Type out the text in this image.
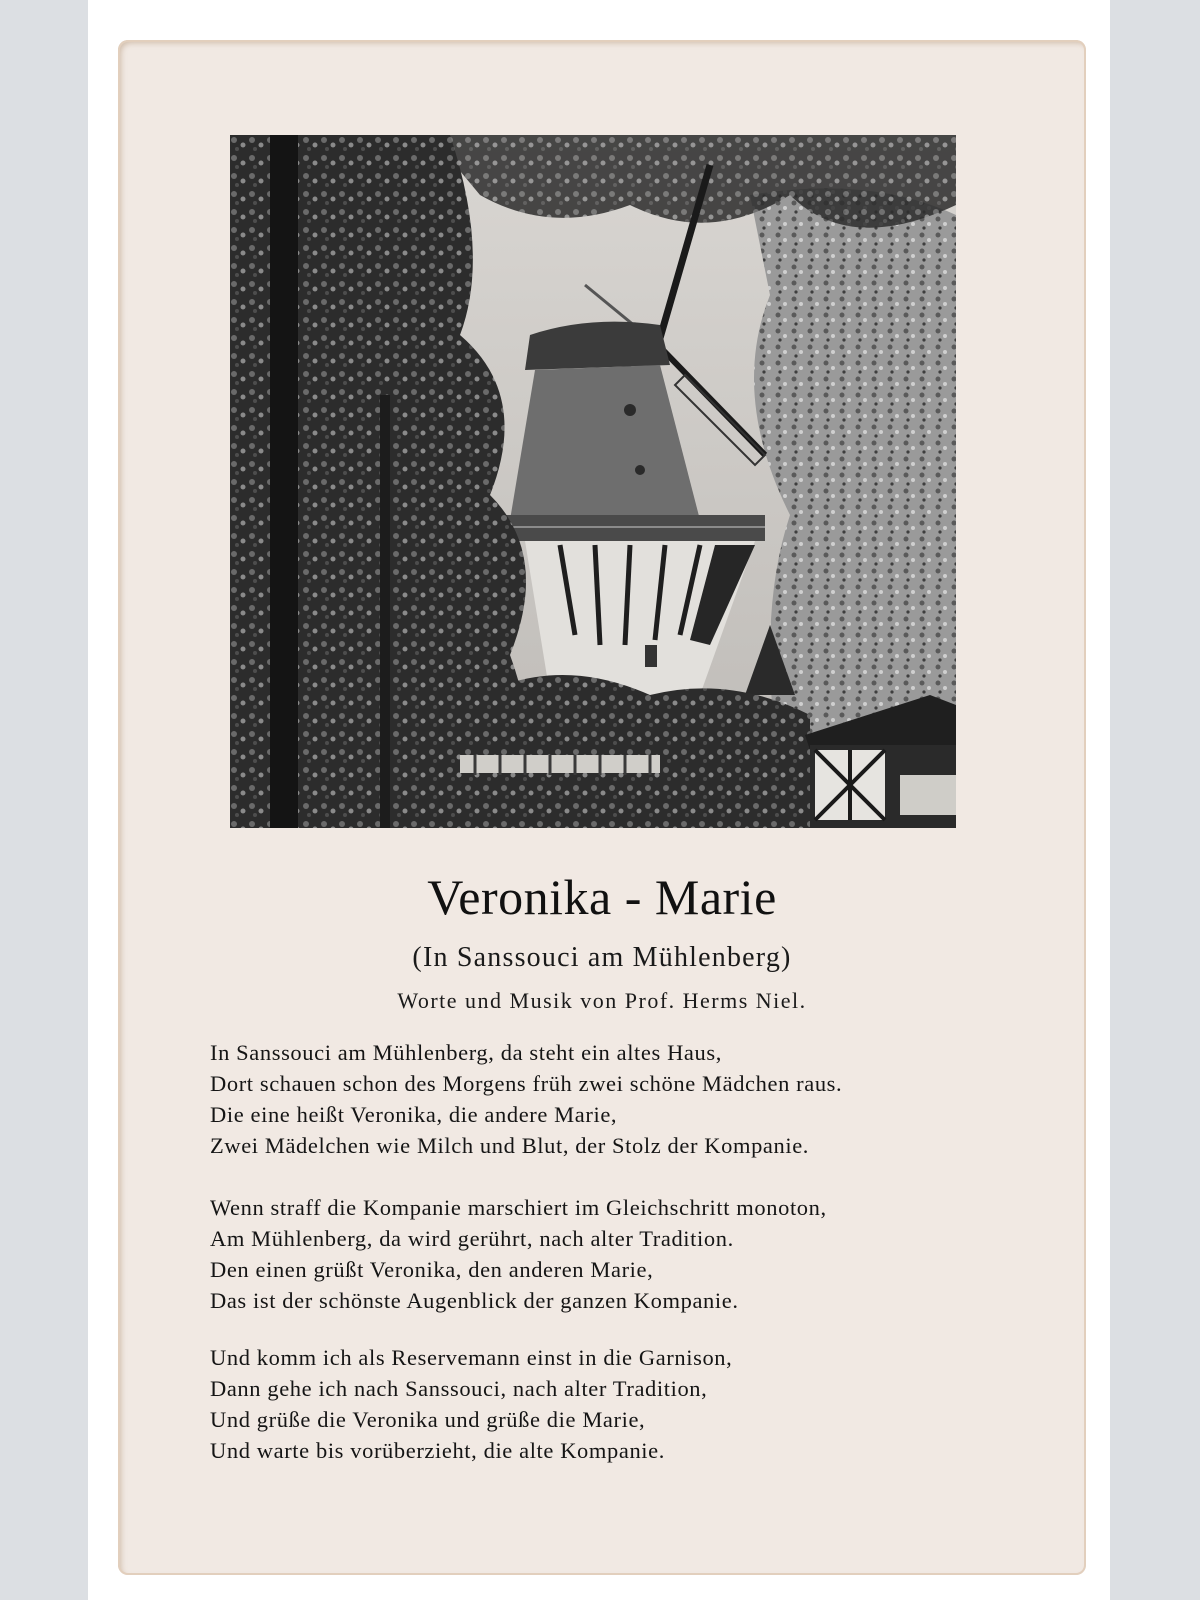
Veronika - Marie
(In Sanssouci am Mühlenberg)
Worte und Musik von Prof. Herms Niel.
In Sanssouci am Mühlenberg, da steht ein altes Haus,
Dort schauen schon des Morgens früh zwei schöne Mädchen raus.
Die eine heißt Veronika, die andere Marie,
Zwei Mädelchen wie Milch und Blut, der Stolz der Kompanie.
Wenn straff die Kompanie marschiert im Gleichschritt monoton,
Am Mühlenberg, da wird gerührt, nach alter Tradition.
Den einen grüßt Veronika, den anderen Marie,
Das ist der schönste Augenblick der ganzen Kompanie.
Und komm ich als Reservemann einst in die Garnison,
Dann gehe ich nach Sanssouci, nach alter Tradition,
Und grüße die Veronika und grüße die Marie,
Und warte bis vorüberzieht, die alte Kompanie.
